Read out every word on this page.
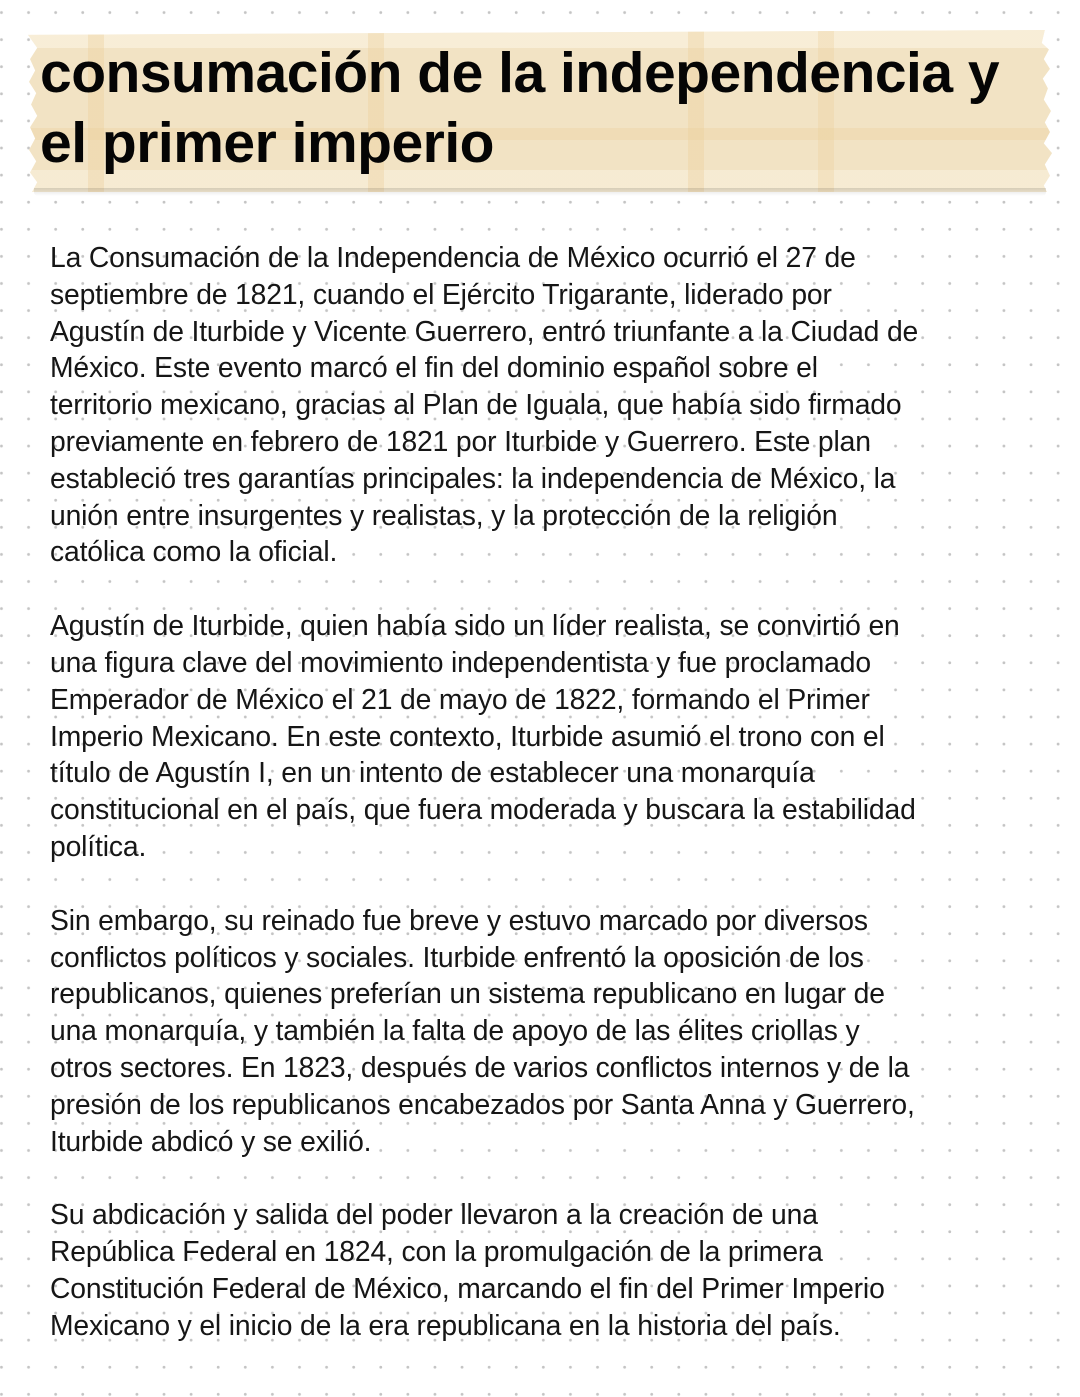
consumación de la independencia y
el primer imperio

La Consumación de la Independencia de México ocurrió el 27 de
septiembre de 1821, cuando el Ejército Trigarante, liderado por
Agustín de Iturbide y Vicente Guerrero, entró triunfante a la Ciudad de
México. Este evento marcó el fin del dominio español sobre el
territorio mexicano, gracias al Plan de Iguala, que había sido firmado
previamente en febrero de 1821 por Iturbide y Guerrero. Este plan
estableció tres garantías principales: la independencia de México, la
unión entre insurgentes y realistas, y la protección de la religión
católica como la oficial.

Agustín de Iturbide, quien había sido un líder realista, se convirtió en
una figura clave del movimiento independentista y fue proclamado
Emperador de México el 21 de mayo de 1822, formando el Primer
Imperio Mexicano. En este contexto, Iturbide asumió el trono con el
título de Agustín I, en un intento de establecer una monarquía
constitucional en el país, que fuera moderada y buscara la estabilidad
política.

Sin embargo, su reinado fue breve y estuvo marcado por diversos
conflictos políticos y sociales. Iturbide enfrentó la oposición de los
republicanos, quienes preferían un sistema republicano en lugar de
una monarquía, y también la falta de apoyo de las élites criollas y
otros sectores. En 1823, después de varios conflictos internos y de la
presión de los republicanos encabezados por Santa Anna y Guerrero,
Iturbide abdicó y se exilió.

Su abdicación y salida del poder llevaron a la creación de una
República Federal en 1824, con la promulgación de la primera
Constitución Federal de México, marcando el fin del Primer Imperio
Mexicano y el inicio de la era republicana en la historia del país.
